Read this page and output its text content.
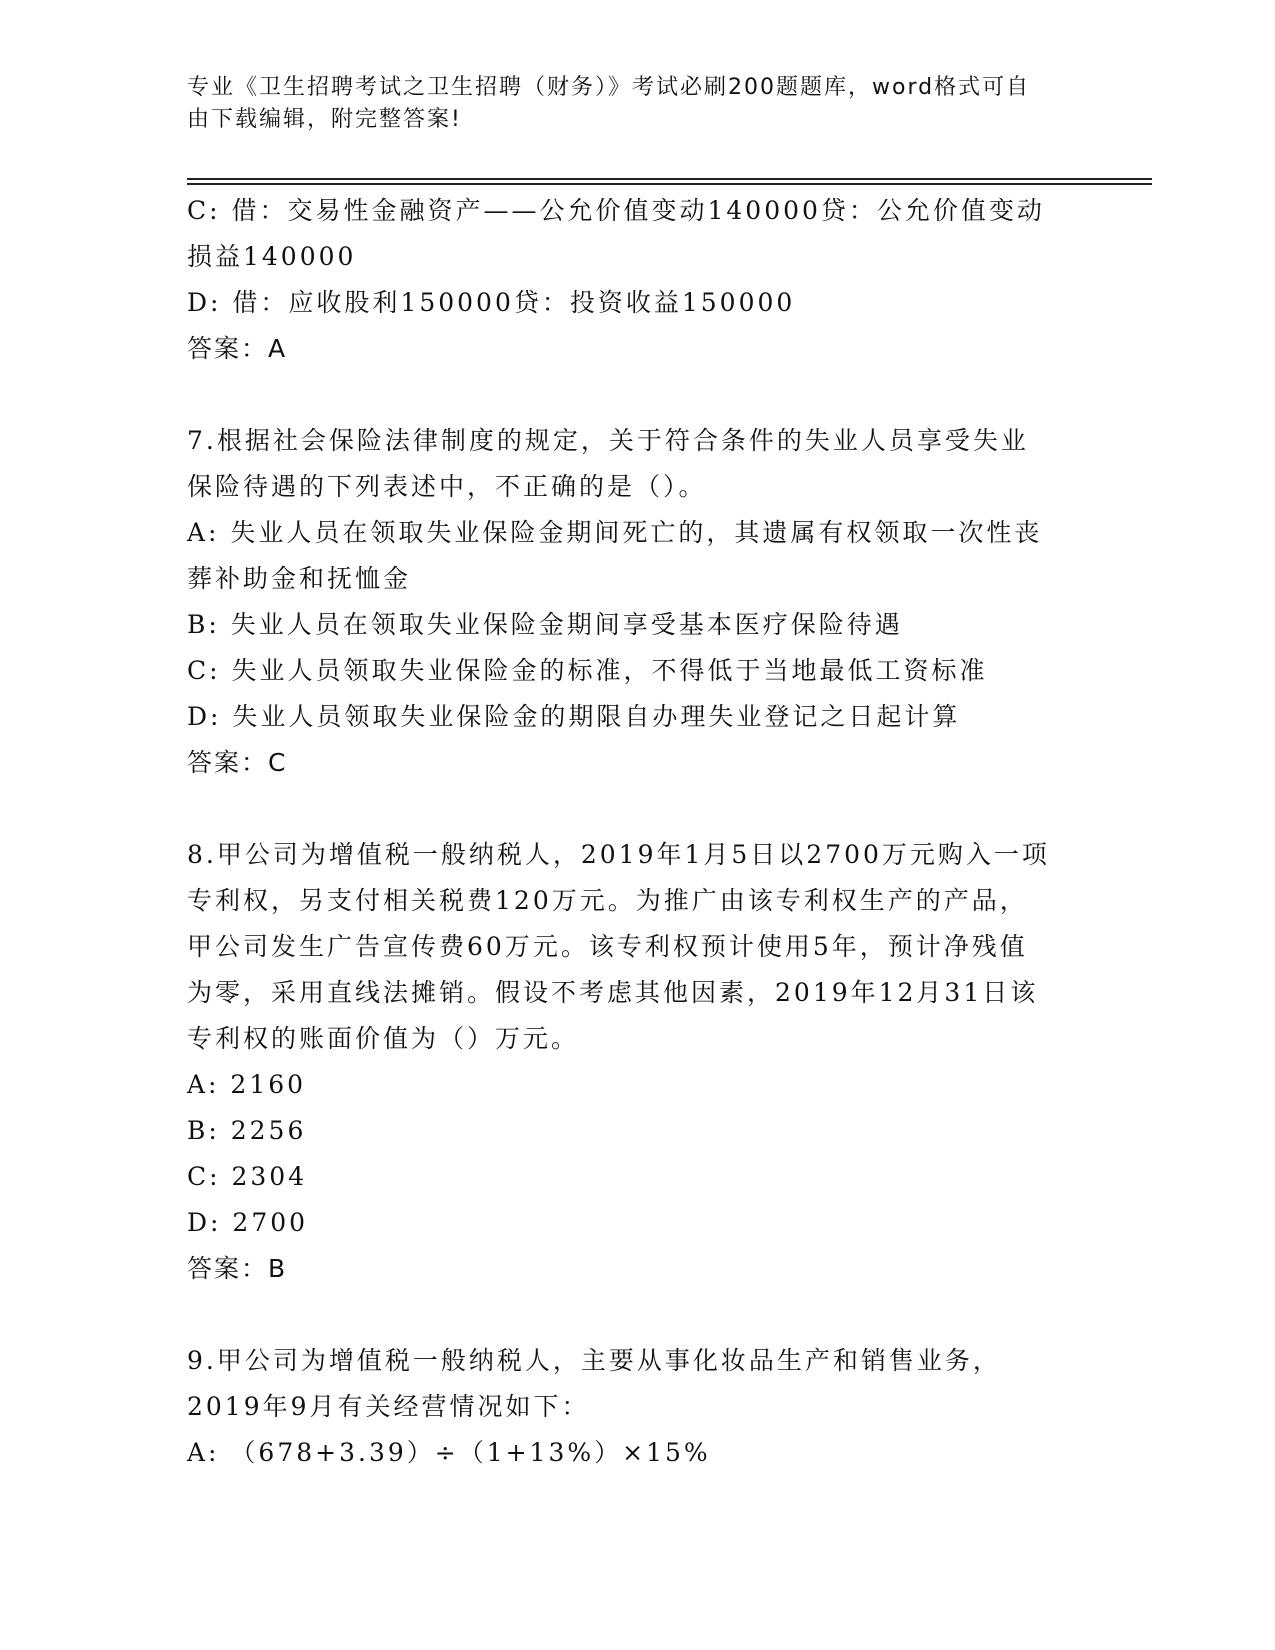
专业《卫生招聘考试之卫生招聘（财务）》考试必刷200题题库，word格式可自
由下载编辑，附完整答案!
C: 借：交易性金融资产——公允价值变动140000贷：公允价值变动
损益140000
D: 借：应收股利150000贷：投资收益150000
答案：A
7.根据社会保险法律制度的规定，关于符合条件的失业人员享受失业
保险待遇的下列表述中，不正确的是（）。
A: 失业人员在领取失业保险金期间死亡的，其遗属有权领取一次性丧
葬补助金和抚恤金
B: 失业人员在领取失业保险金期间享受基本医疗保险待遇
C: 失业人员领取失业保险金的标准，不得低于当地最低工资标准
D: 失业人员领取失业保险金的期限自办理失业登记之日起计算
答案：C
8.甲公司为增值税一般纳税人，2019年1月5日以2700万元购入一项
专利权，另支付相关税费120万元。为推广由该专利权生产的产品，
甲公司发生广告宣传费60万元。该专利权预计使用5年，预计净残值
为零，采用直线法摊销。假设不考虑其他因素，2019年12月31日该
专利权的账面价值为（）万元。
A: 2160
B: 2256
C: 2304
D: 2700
答案：B
9.甲公司为增值税一般纳税人，主要从事化妆品生产和销售业务，
2019年9月有关经营情况如下：
A: （678+3.39）÷（1+13%）×15%
